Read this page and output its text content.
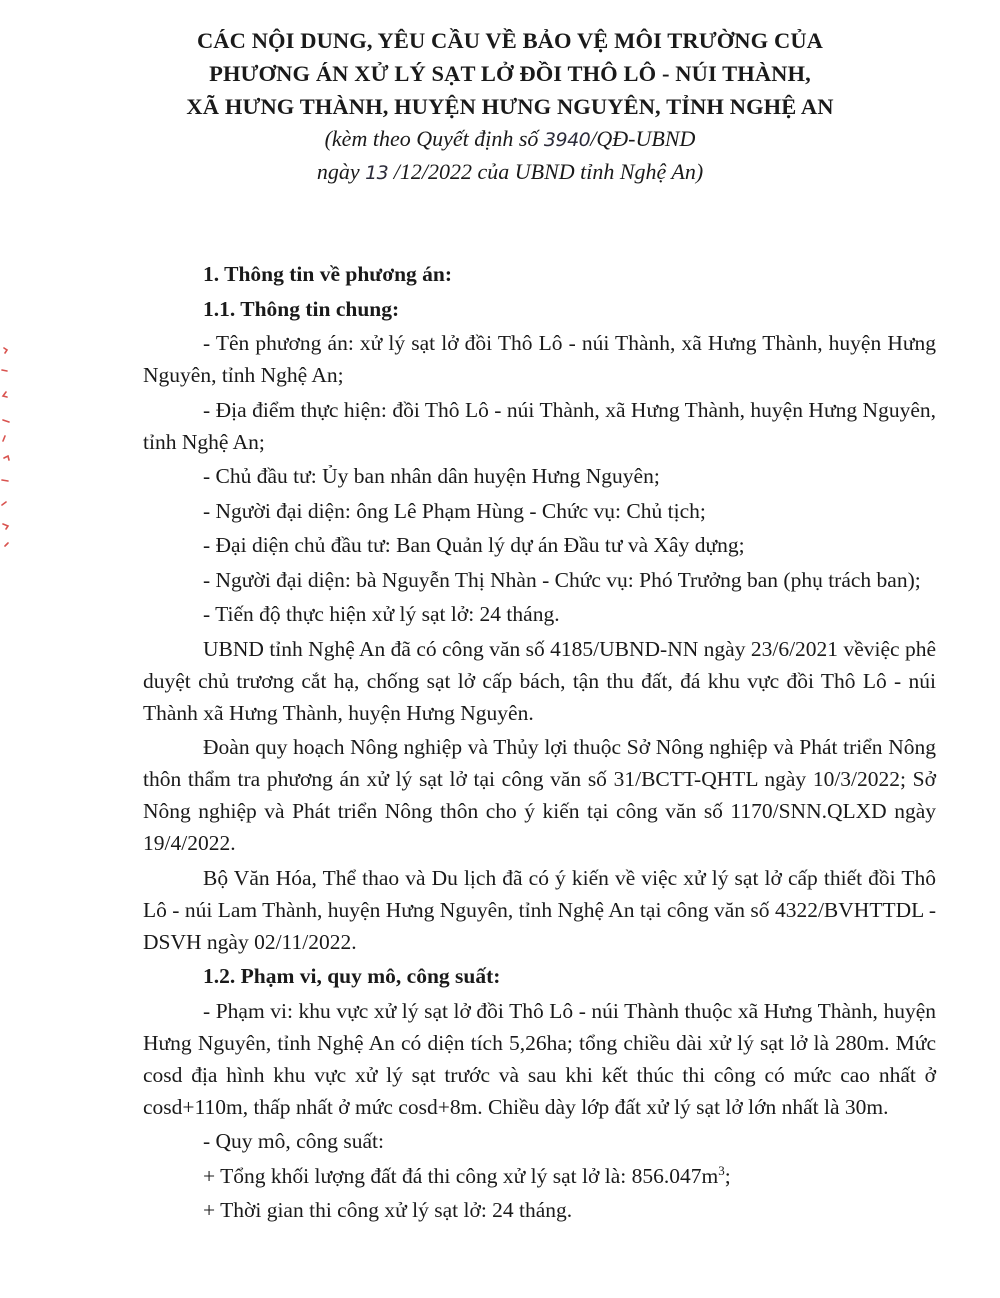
CÁC NỘI DUNG, YÊU CẦU VỀ BẢO VỆ MÔI TRƯỜNG CỦA
PHƯƠNG ÁN XỬ LÝ SẠT LỞ ĐỒI THÔ LÔ - NÚI THÀNH,
XÃ HƯNG THÀNH, HUYỆN HƯNG NGUYÊN, TỈNH NGHỆ AN
(kèm theo Quyết định số 3940/QĐ-UBND
ngày 13 /12/2022 của UBND tỉnh Nghệ An)
1. Thông tin về phương án:
1.1. Thông tin chung:
- Tên phương án: xử lý sạt lở đồi Thô Lô - núi Thành, xã Hưng Thành, huyện Hưng Nguyên, tỉnh Nghệ An;
- Địa điểm thực hiện: đồi Thô Lô - núi Thành, xã Hưng Thành, huyện Hưng Nguyên, tỉnh Nghệ An;
- Chủ đầu tư: Ủy ban nhân dân huyện Hưng Nguyên;
- Người đại diện: ông Lê Phạm Hùng - Chức vụ: Chủ tịch;
- Đại diện chủ đầu tư: Ban Quản lý dự án Đầu tư và Xây dựng;
- Người đại diện: bà Nguyễn Thị Nhàn - Chức vụ: Phó Trưởng ban (phụ trách ban);
- Tiến độ thực hiện xử lý sạt lở: 24 tháng.
UBND tỉnh Nghệ An đã có công văn số 4185/UBND-NN ngày 23/6/2021 vềviệc phê duyệt chủ trương cắt hạ, chống sạt lở cấp bách, tận thu đất, đá khu vực đồi Thô Lô - núi Thành xã Hưng Thành, huyện Hưng Nguyên.
Đoàn quy hoạch Nông nghiệp và Thủy lợi thuộc Sở Nông nghiệp và Phát triển Nông thôn thẩm tra phương án xử lý sạt lở tại công văn số 31/BCTT-QHTL ngày 10/3/2022; Sở Nông nghiệp và Phát triển Nông thôn cho ý kiến tại công văn số 1170/SNN.QLXD ngày 19/4/2022.
Bộ Văn Hóa, Thể thao và Du lịch đã có ý kiến về việc xử lý sạt lở cấp thiết đồi Thô Lô - núi Lam Thành, huyện Hưng Nguyên, tỉnh Nghệ An tại công văn số 4322/BVHTTDL - DSVH ngày 02/11/2022.
1.2. Phạm vi, quy mô, công suất:
- Phạm vi: khu vực xử lý sạt lở đồi Thô Lô - núi Thành thuộc xã Hưng Thành, huyện Hưng Nguyên, tỉnh Nghệ An có diện tích 5,26ha; tổng chiều dài xử lý sạt lở là 280m. Mức cosd địa hình khu vực xử lý sạt trước và sau khi kết thúc thi công có mức cao nhất ở cosd+110m, thấp nhất ở mức cosd+8m. Chiều dày lớp đất xử lý sạt lở lớn nhất là 30m.
- Quy mô, công suất:
+ Tổng khối lượng đất đá thi công xử lý sạt lở là: $856.047m^3$;
+ Thời gian thi công xử lý sạt lở: 24 tháng.
